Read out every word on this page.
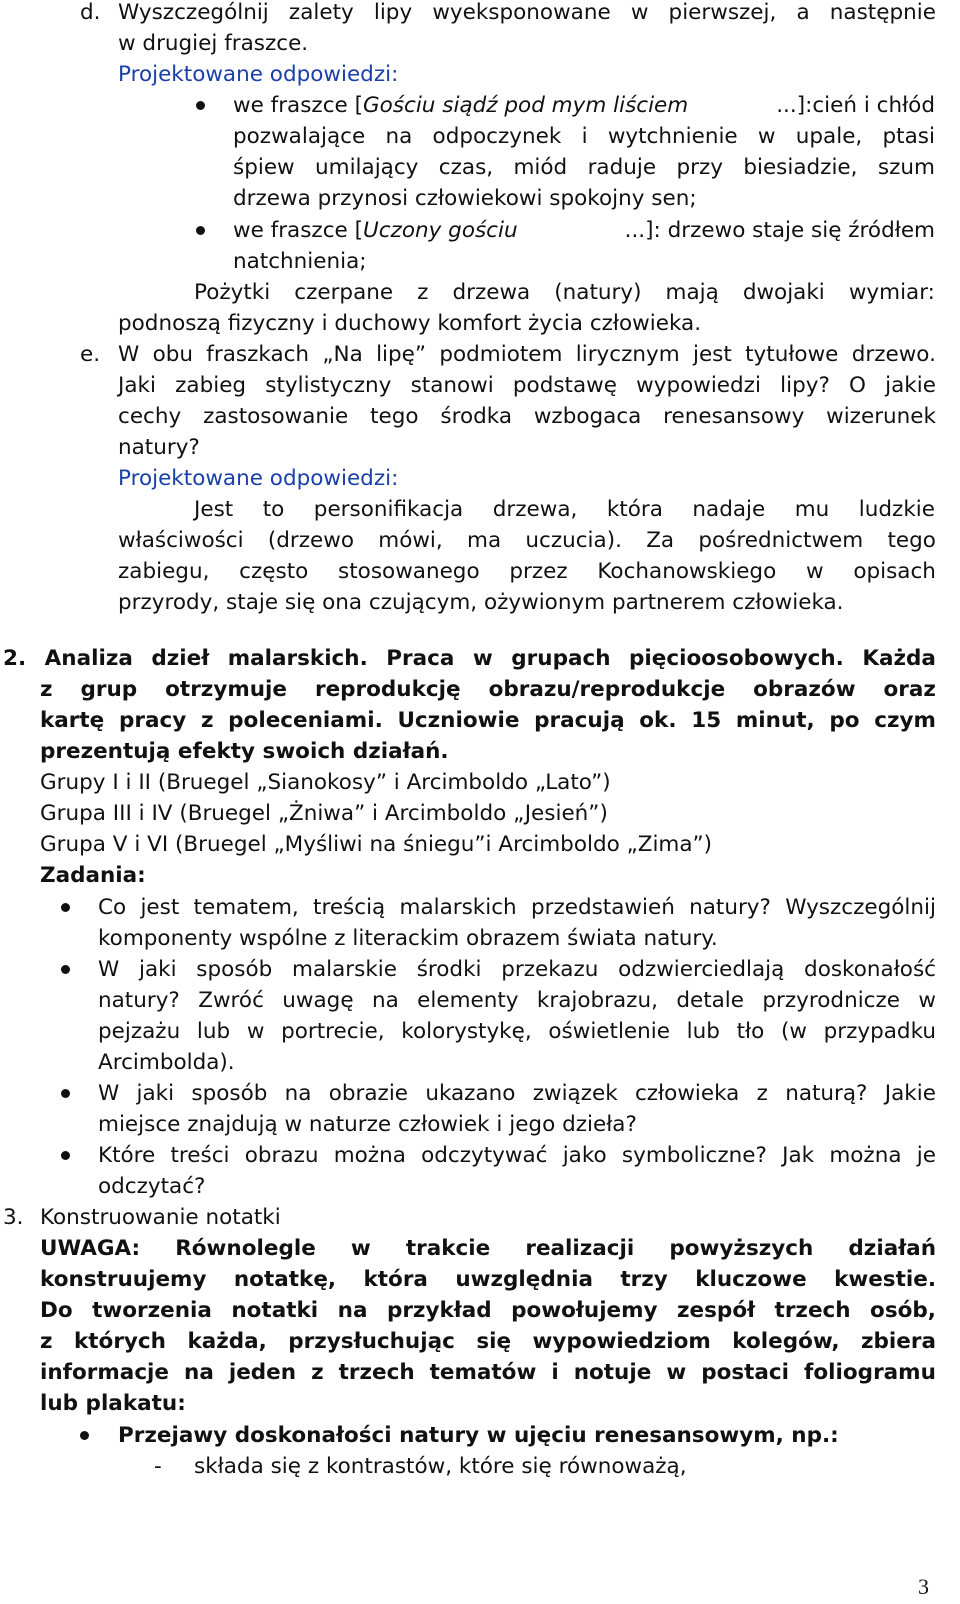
d. Wyszczególnij zalety lipy wyeksponowane w pierwszej, a następnie
w drugiej fraszce.
Projektowane odpowiedzi:
we fraszce [ Gościu siądź pod mym liściem	...]:cień i chłód
pozwalające na odpoczynek i wytchnienie w upale, ptasi
śpiew umilający czas, miód raduje przy biesiadzie, szum
drzewa przynosi człowiekowi spokojny sen;
we fraszce [ Uczony gościu	...]: drzewo staje się źródłem
natchnienia;
Pożytki czerpane z drzewa (natury) mają dwojaki wymiar:
podnoszą fizyczny i duchowy komfort życia człowieka.
e. W obu fraszkach „Na lipę” podmiotem lirycznym jest tytułowe drzewo.
Jaki zabieg stylistyczny stanowi podstawę wypowiedzi lipy? O jakie
cechy zastosowanie tego środka wzbogaca renesansowy wizerunek
natury?
Projektowane odpowiedzi:
Jest to personifikacja drzewa, która nadaje mu ludzkie
właściwości (drzewo mówi, ma uczucia). Za pośrednictwem tego
zabiegu, często stosowanego przez Kochanowskiego w opisach
przyrody, staje się ona czującym, ożywionym partnerem człowieka.
2. Analiza dzieł malarskich. Praca w grupach pięcioosobowych. Każda
z grup otrzymuje reprodukcję obrazu/reprodukcje obrazów oraz
kartę pracy z poleceniami. Uczniowie pracują ok. 15 minut, po czym
prezentują efekty swoich działań.
Grupy I i II (Bruegel „Sianokosy” i Arcimboldo „Lato”)
Grupa III i IV (Bruegel „Żniwa” i Arcimboldo „Jesień”)
Grupa V i VI (Bruegel „Myśliwi na śniegu”i Arcimboldo „Zima”)
Zadania:
Co jest tematem, treścią malarskich przedstawień natury? Wyszczególnij
komponenty wspólne z literackim obrazem świata natury.
W jaki sposób malarskie środki przekazu odzwierciedlają doskonałość
natury? Zwróć uwagę na elementy krajobrazu, detale przyrodnicze w
pejzażu lub w portrecie, kolorystykę, oświetlenie lub tło (w przypadku
Arcimbolda).
W jaki sposób na obrazie ukazano związek człowieka z naturą? Jakie
miejsce znajdują w naturze człowiek i jego dzieła?
Które treści obrazu można odczytywać jako symboliczne? Jak można je
odczytać?
3. Konstruowanie notatki
UWAGA: Równolegle w trakcie realizacji powyższych działań
konstruujemy notatkę, która uwzględnia trzy kluczowe kwestie.
Do tworzenia notatki na przykład powołujemy zespół trzech osób,
z których każda, przysłuchując się wypowiedziom kolegów, zbiera
informacje na jeden z trzech tematów i notuje w postaci foliogramu
lub plakatu:
Przejawy doskonałości natury w ujęciu renesansowym, np.:
- składa się z kontrastów, które się równoważą,
3
